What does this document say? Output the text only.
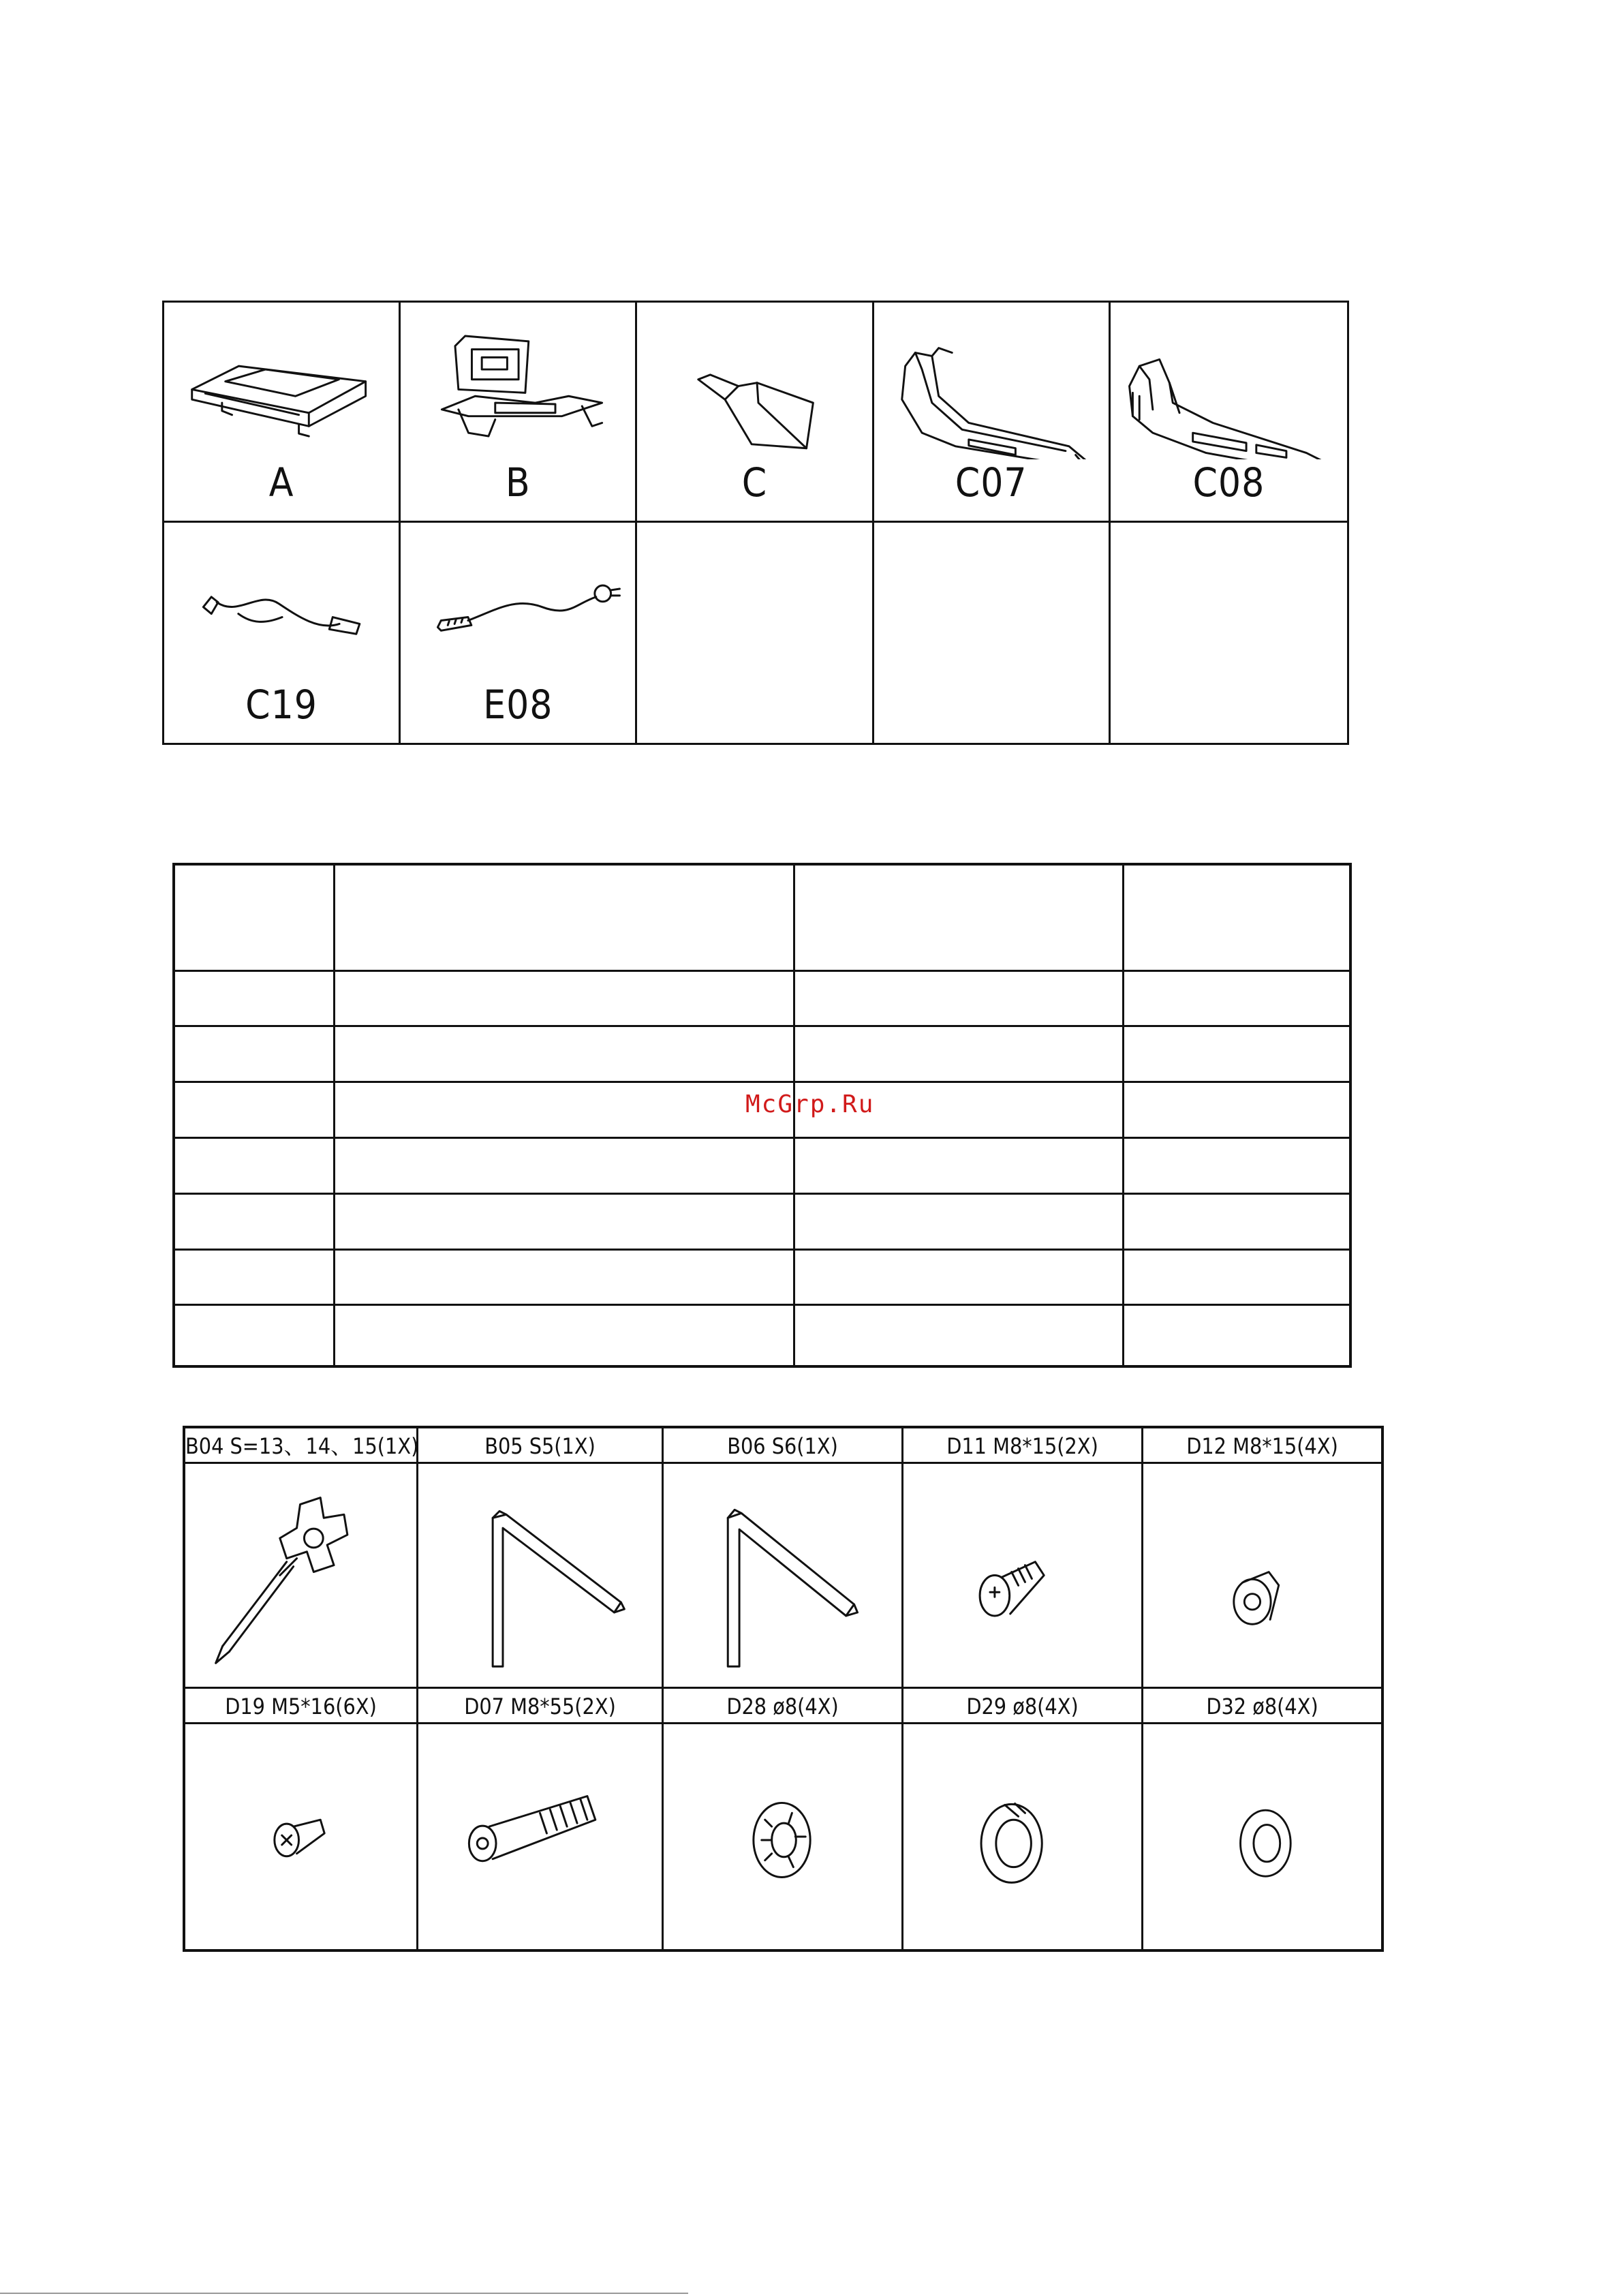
A	B	C	C07	C08
C19	E08

McGrp.Ru
B04 S=13、14、15(1X)	B05 S5(1X)	B06 S6(1X)	D11 M8*15(2X)	D12 M8*15(4X)
D19 M5*16(6X)	D07 M8*55(2X)	D28 ø8(4X)	D29 ø8(4X)	D32 ø8(4X)
